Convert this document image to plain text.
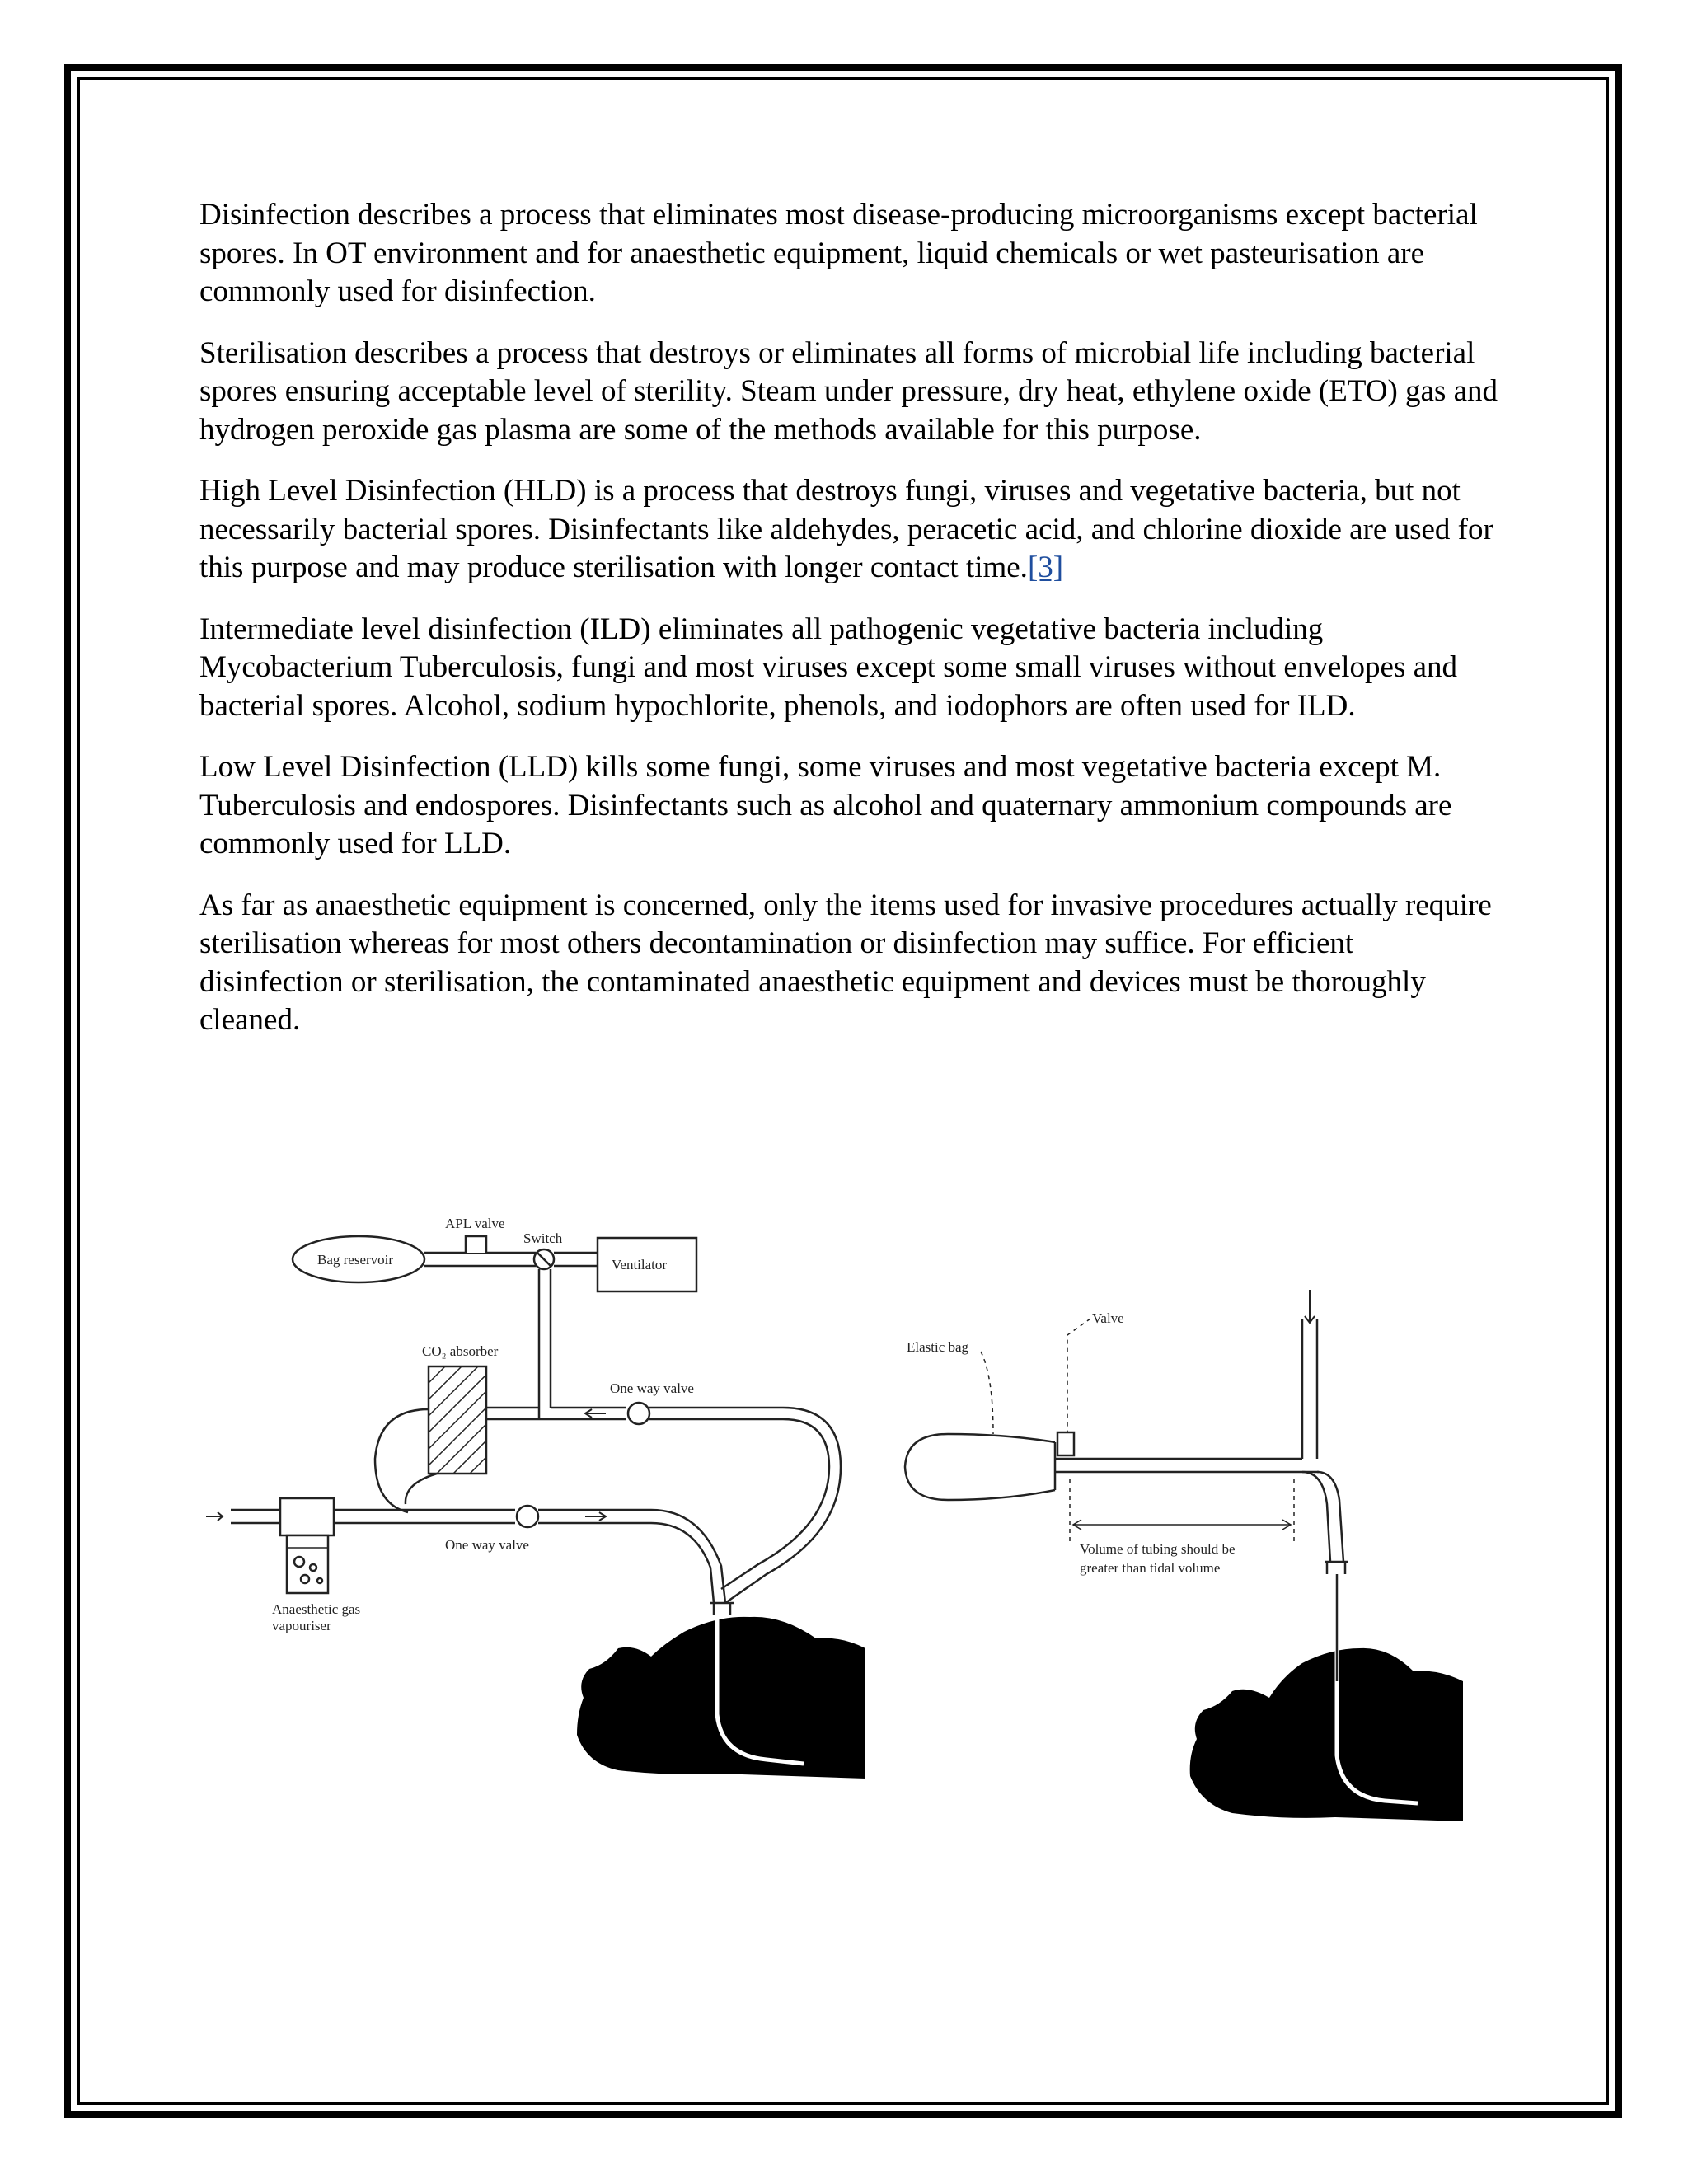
Disinfection describes a process that eliminates most disease-producing microorganisms except bacterial spores. In OT environment and for anaesthetic equipment, liquid chemicals or wet pasteurisation are commonly used for disinfection.

Sterilisation describes a process that destroys or eliminates all forms of microbial life including bacterial spores ensuring acceptable level of sterility. Steam under pressure, dry heat, ethylene oxide (ETO) gas and hydrogen peroxide gas plasma are some of the methods available for this purpose.

High Level Disinfection (HLD) is a process that destroys fungi, viruses and vegetative bacteria, but not necessarily bacterial spores. Disinfectants like aldehydes, peracetic acid, and chlorine dioxide are used for this purpose and may produce sterilisation with longer contact time.[3]

Intermediate level disinfection (ILD) eliminates all pathogenic vegetative bacteria including Mycobacterium Tuberculosis, fungi and most viruses except some small viruses without envelopes and bacterial spores. Alcohol, sodium hypochlorite, phenols, and iodophors are often used for ILD.

Low Level Disinfection (LLD) kills some fungi, some viruses and most vegetative bacteria except M. Tuberculosis and endospores. Disinfectants such as alcohol and quaternary ammonium compounds are commonly used for LLD.

As far as anaesthetic equipment is concerned, only the items used for invasive procedures actually require sterilisation whereas for most others decontamination or disinfection may suffice. For efficient disinfection or sterilisation, the contaminated anaesthetic equipment and devices must be thoroughly cleaned.

APL valve
Switch
Bag reservoir	Ventilator
CO₂ absorber
One way valve
One way valve
Anaesthetic gas
vapouriser
Elastic bag
Valve
Volume of tubing should be
greater than tidal volume
